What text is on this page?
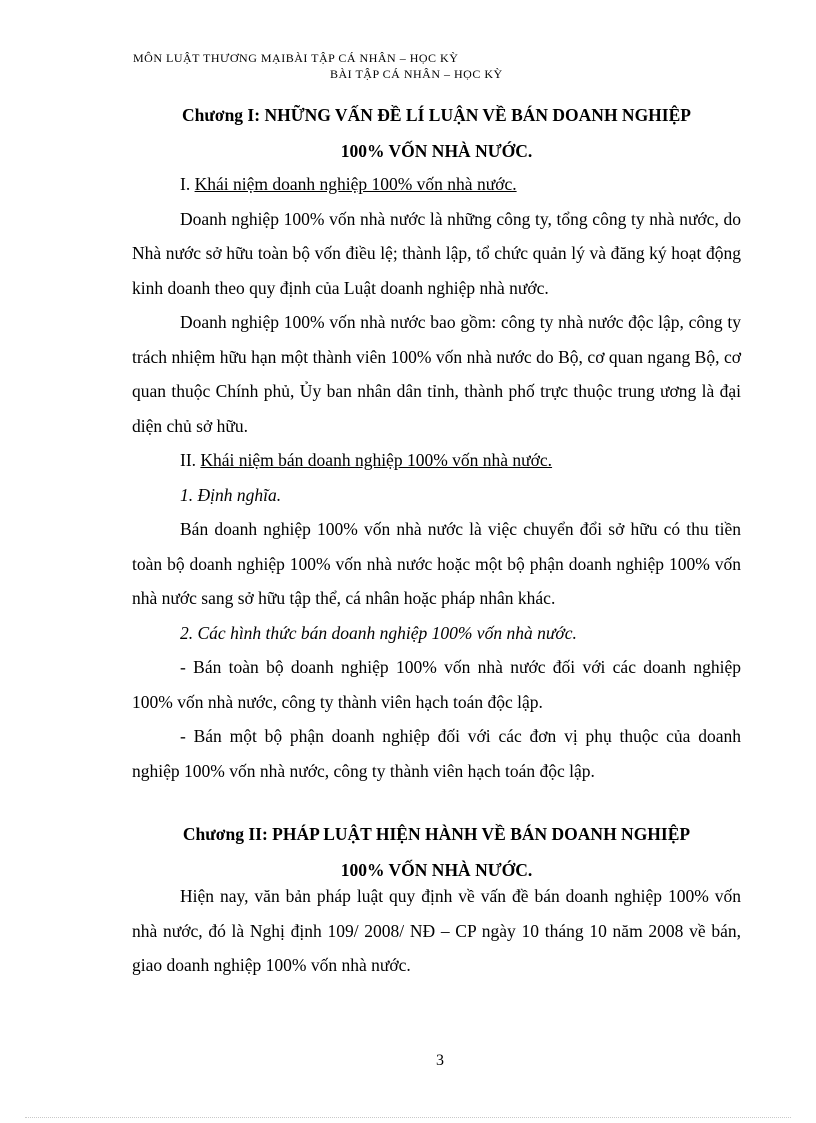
MÔN LUẬT THƯƠNG MẠIBÀI TẬP CÁ NHÂN – HỌC KỲ
BÀI TẬP CÁ NHÂN – HỌC KỲ
Chương I: NHỮNG VẤN ĐỀ LÍ LUẬN VỀ BÁN DOANH NGHIỆP
100% VỐN NHÀ NƯỚC.

I. Khái niệm doanh nghiệp 100% vốn nhà nước.

Doanh nghiệp 100% vốn nhà nước là những công ty, tổng công ty nhà nước, do Nhà nước sở hữu toàn bộ vốn điều lệ; thành lập, tổ chức quản lý và đăng ký hoạt động kinh doanh theo quy định của Luật doanh nghiệp nhà nước.

Doanh nghiệp 100% vốn nhà nước bao gồm: công ty nhà nước độc lập, công ty trách nhiệm hữu hạn một thành viên 100% vốn nhà nước do Bộ, cơ quan ngang Bộ, cơ quan thuộc Chính phủ, Ủy ban nhân dân tỉnh, thành phố trực thuộc trung ương là đại diện chủ sở hữu.

II. Khái niệm bán doanh nghiệp 100% vốn nhà nước.

1. Định nghĩa.

Bán doanh nghiệp 100% vốn nhà nước là việc chuyển đổi sở hữu có thu tiền toàn bộ doanh nghiệp 100% vốn nhà nước hoặc một bộ phận doanh nghiệp 100% vốn nhà nước sang sở hữu tập thể, cá nhân hoặc pháp nhân khác.

2. Các hình thức bán doanh nghiệp 100% vốn nhà nước.

- Bán toàn bộ doanh nghiệp 100% vốn nhà nước đối với các doanh nghiệp 100% vốn nhà nước, công ty thành viên hạch toán độc lập.

- Bán một bộ phận doanh nghiệp đối với các đơn vị phụ thuộc của doanh nghiệp 100% vốn nhà nước, công ty thành viên hạch toán độc lập.

Chương II: PHÁP LUẬT HIỆN HÀNH VỀ BÁN DOANH NGHIỆP
100% VỐN NHÀ NƯỚC.

Hiện nay, văn bản pháp luật quy định về vấn đề bán doanh nghiệp 100% vốn nhà nước, đó là Nghị định 109/ 2008/ NĐ – CP ngày 10 tháng 10 năm 2008 về bán, giao doanh nghiệp 100% vốn nhà nước.

3
